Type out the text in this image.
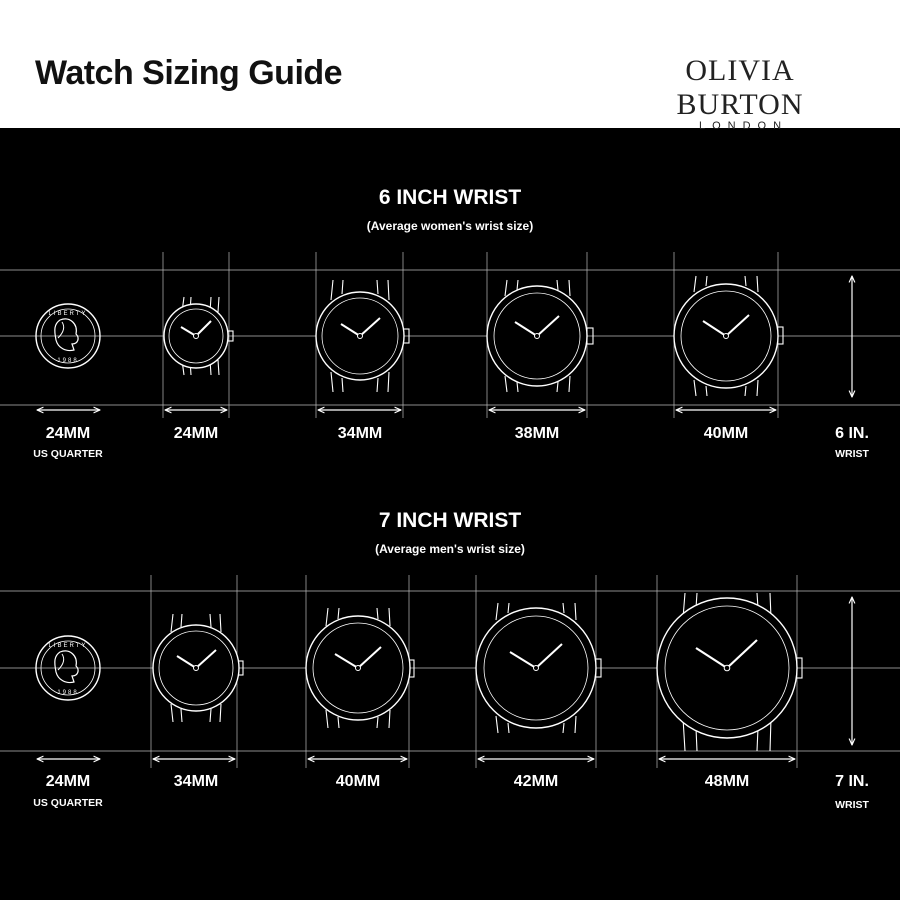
Watch Sizing Guide	OLIVIA BURTON
LONDON
6 INCH WRIST
(Average women's wrist size)
LIBERTY
1988
24MM
US QUARTER
24MM	34MM	38MM	40MM	6 IN.
WRIST
7 INCH WRIST
(Average men's wrist size)
LIBERTY
1988
24MM
US QUARTER
34MM	40MM	42MM	48MM	7 IN.
WRIST
